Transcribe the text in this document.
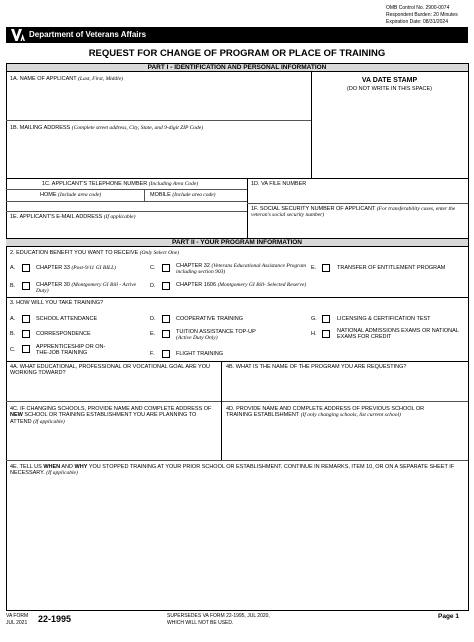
OMB Control No. 2900-0074
Respondent Burden: 20 Minutes
Expiration Date: 08/31/2024
Department of Veterans Affairs
REQUEST FOR CHANGE OF PROGRAM OR PLACE OF TRAINING
PART I - IDENTIFICATION AND PERSONAL INFORMATION
1A. NAME OF APPLICANT (Last, First, Middle)	VA DATE STAMP
(DO NOT WRITE IN THIS SPACE)
1B. MAILING ADDRESS (Complete street address, City, State, and 9-digit ZIP Code)
1C. APPLICANT'S TELEPHONE NUMBER (Including Area Code)
HOME (Include area code)	MOBILE (Include area code)
1D. VA FILE NUMBER
1E. APPLICANT'S E-MAIL ADDRESS (If applicable)
1F. SOCIAL SECURITY NUMBER OF APPLICANT (For transferability cases, enter the veteran's social security number)
PART II - YOUR PROGRAM INFORMATION
2. EDUCATION BENEFIT YOU WANT TO RECEIVE (Only Select One)
A.	CHAPTER 33 (Post-9/11 GI BILL)
B.	CHAPTER 30 (Montgomery GI Bill - Active Duty)
C.	CHAPTER 32 (Veterans Educational Assistance Program including section 903)
D.	CHAPTER 1606 (Montgomery GI Bill- Selected Reserve)
E.	TRANSFER OF ENTITLEMENT PROGRAM
3. HOW WILL YOU TAKE TRAINING?
A.	SCHOOL ATTENDANCE
B.	CORRESPONDENCE
C.	APPRENTICESHIP OR ON-THE-JOB TRAINING
D.	COOPERATIVE TRAINING
E.	TUITION ASSISTANCE TOP-UP
(Active Duty Only)
F.	FLIGHT TRAINING
G.	LICENSING & CERTIFICATION TEST
H.	NATIONAL ADMISSIONS EXAMS OR NATIONAL EXAMS FOR CREDIT
4A. WHAT EDUCATIONAL, PROFESSIONAL OR VOCATIONAL GOAL ARE YOU WORKING TOWARD?
4B. WHAT IS THE NAME OF THE PROGRAM YOU ARE REQUESTING?
4C. IF CHANGING SCHOOLS, PROVIDE NAME AND COMPLETE ADDRESS OF NEW SCHOOL OR TRAINING ESTABLISHMENT YOU ARE PLANNING TO ATTEND (If applicable)
4D. PROVIDE NAME AND COMPLETE ADDRESS OF PREVIOUS SCHOOL OR TRAINING ESTABLISHMENT (If only changing schools, list current school)
4E. TELL US WHEN AND WHY YOU STOPPED TRAINING AT YOUR PRIOR SCHOOL OR ESTABLISHMENT. CONTINUE IN REMARKS, ITEM 10, OR ON A SEPARATE SHEET IF NECESSARY. (If applicable)
VA FORM
JUL 2021 22-1995	SUPERSEDES VA FORM 22-1995, JUL 2020,
WHICH WILL NOT BE USED.
Page 1
